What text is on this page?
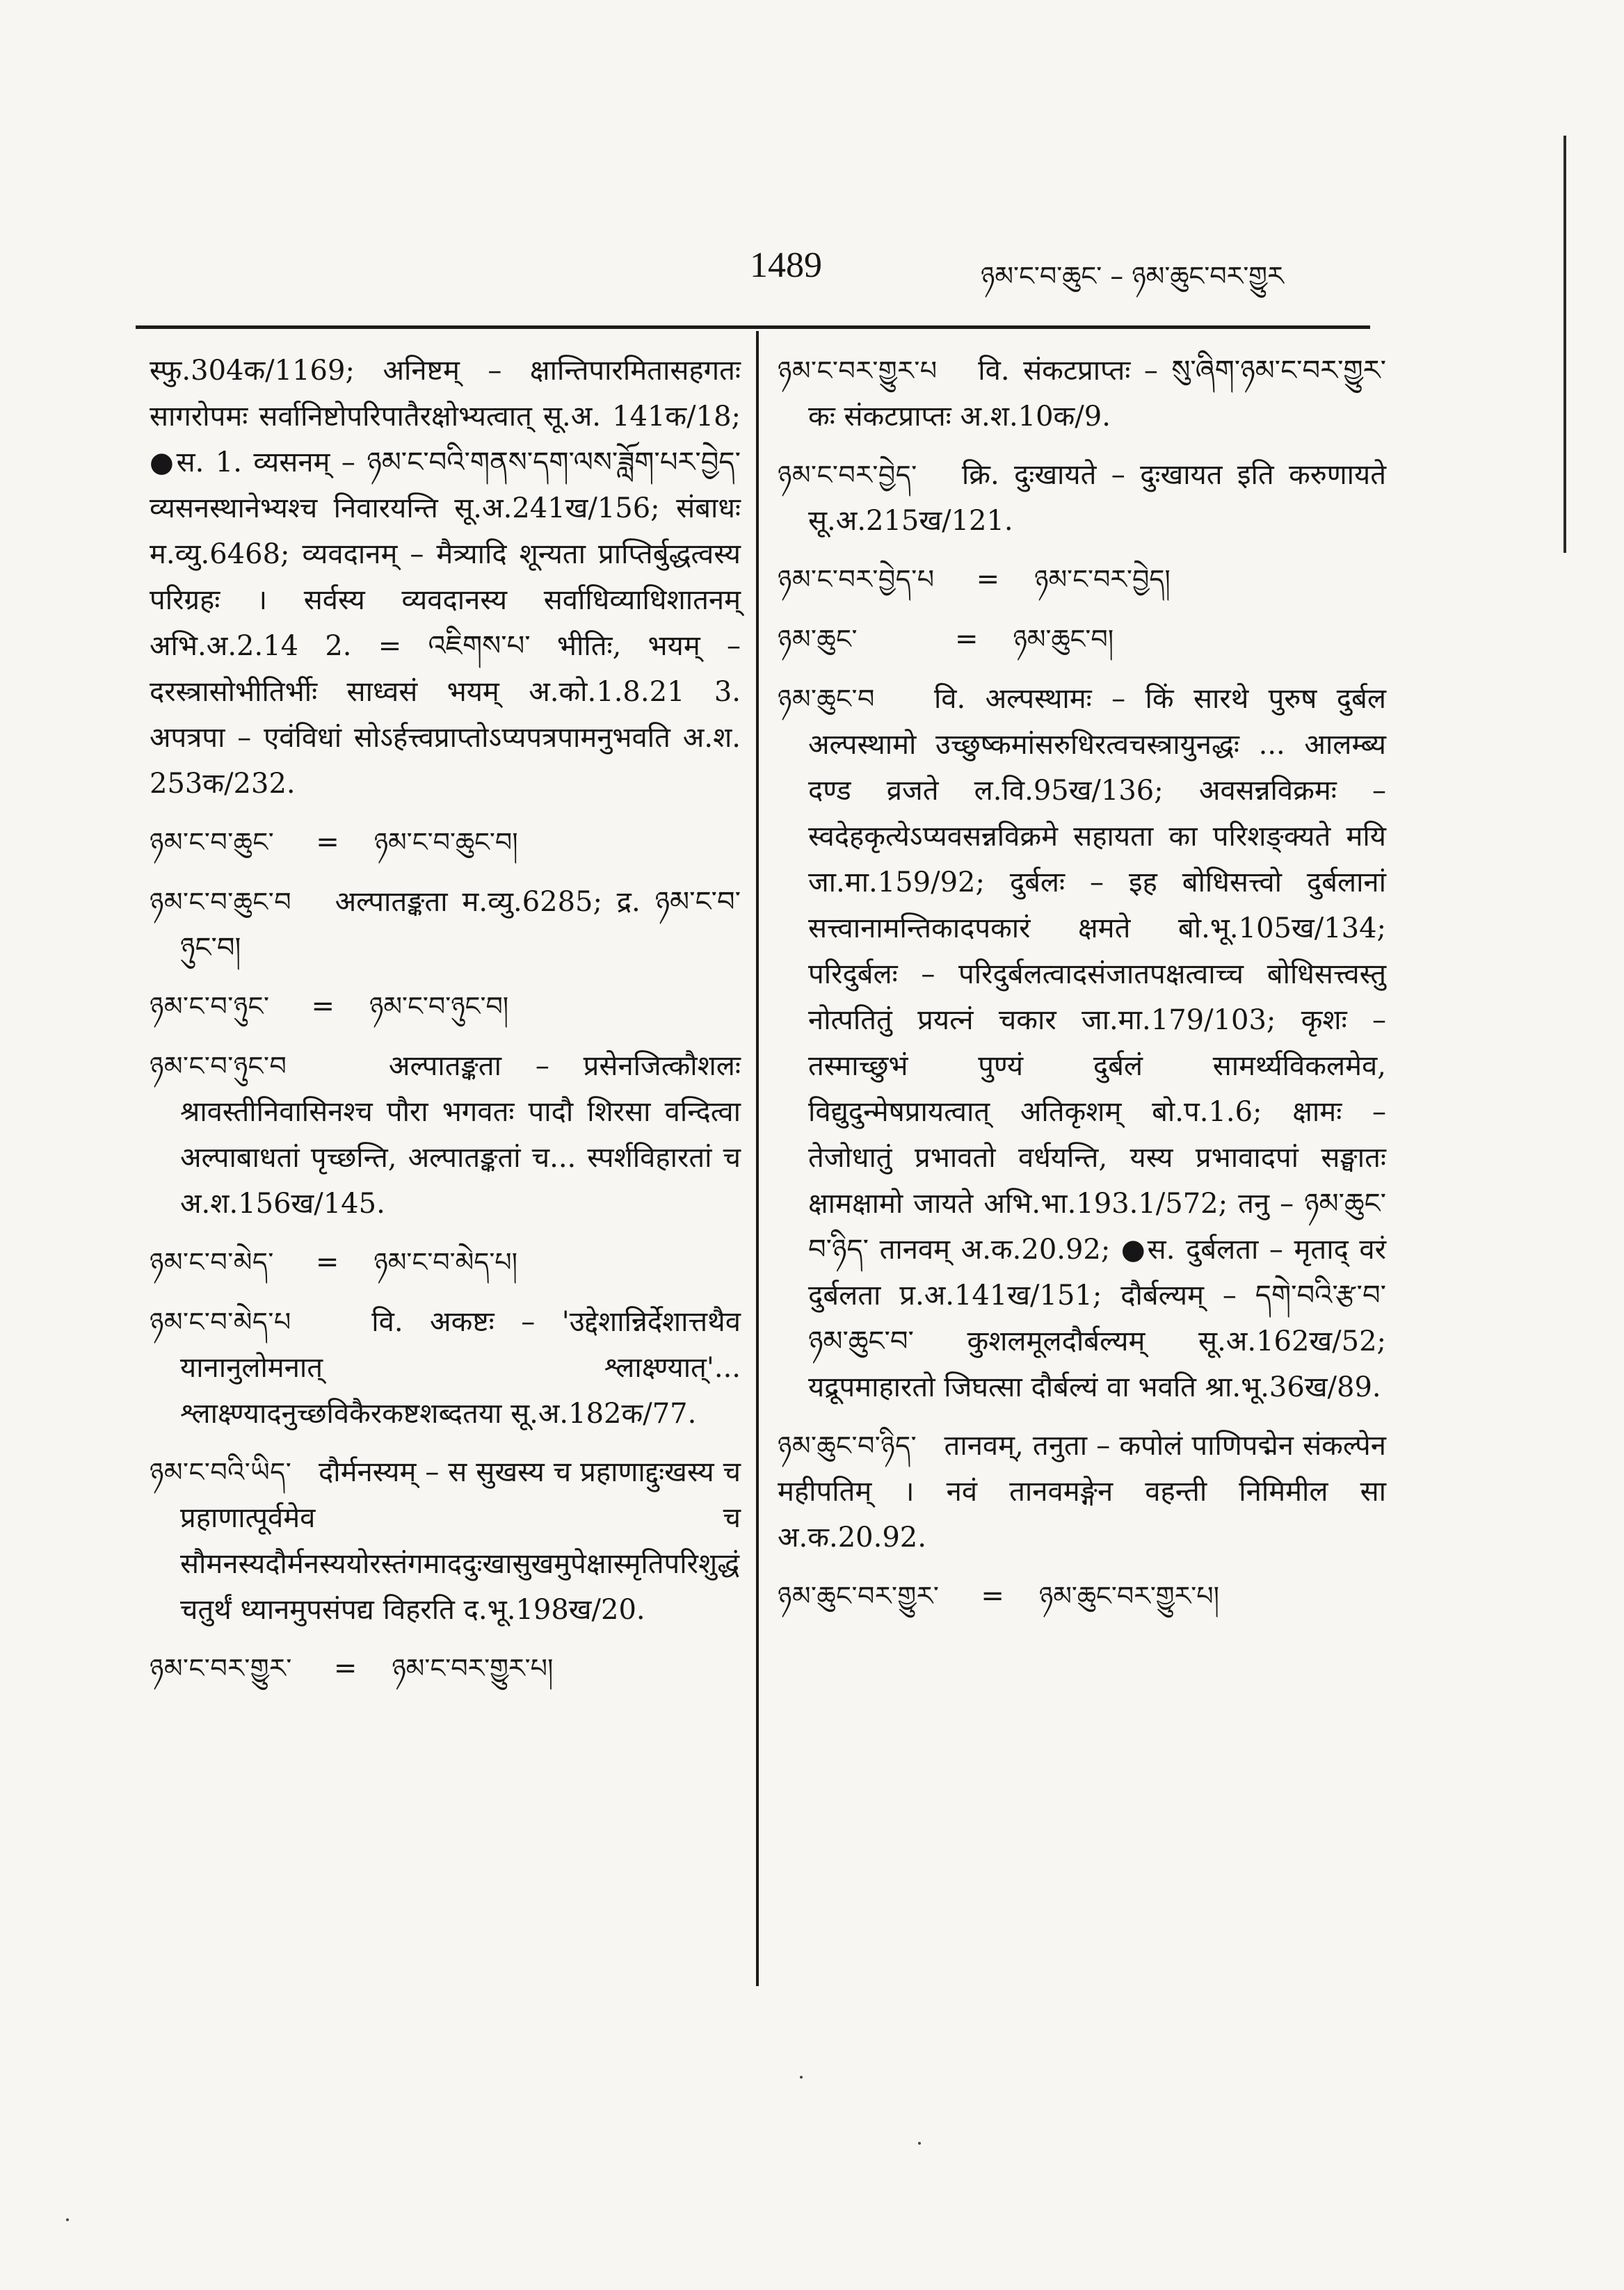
1489	ཉམ་ང་བ་ཆུང་ – ཉམ་ཆུང་བར་གྱུར

स्फु.304क/1169; अनिष्टम् – क्षान्तिपारमितासहगतः सागरोपमः सर्वानिष्टोपरिपातैरक्षोभ्यत्वात् सू.अ. 141क/18; ●स. 1. व्यसनम् – ཉམ་ང་བའི་གནས་དག་ལས་ཟློག་པར་བྱེད་ व्यसनस्थानेभ्यश्च निवारयन्ति सू.अ.241ख/156; संबाधः म.व्यु.6468; व्यवदानम् – मैत्र्यादि शून्यता प्राप्तिर्बुद्धत्वस्य परिग्रहः । सर्वस्य व्यवदानस्य सर्वाधिव्याधिशातनम् अभि.अ.2.14 2. = འཇིགས་པ་ भीतिः, भयम् – दरस्त्रासोभीतिर्भीः साध्वसं भयम् अ.को.1.8.21 3. अपत्रपा – एवंविधां सोऽर्हत्त्वप्राप्तोऽप्यपत्रपामनुभवति अ.श. 253क/232.

ཉམ་ང་བ་ཆུང་ = ཉམ་ང་བ་ཆུང་བ།

ཉམ་ང་བ་ཆུང་བ अल्पातङ्कता म.व्यु.6285; द्र. ཉམ་ང་བ་ཉུང་བ།

ཉམ་ང་བ་ཉུང་ = ཉམ་ང་བ་ཉུང་བ།

ཉམ་ང་བ་ཉུང་བ	अल्पातङ्कता – प्रसेनजित्कौशलः श्रावस्तीनिवासिनश्च पौरा भगवतः पादौ शिरसा वन्दित्वा अल्पाबाधतां पृच्छन्ति, अल्पातङ्कतां च... स्पर्शविहारतां च अ.श.156ख/145.

ཉམ་ང་བ་མེད་ = ཉམ་ང་བ་མེད་པ།

ཉམ་ང་བ་མེད་པ	वि. अकष्टः – 'उद्देशान्निर्देशात्तथैव यानानुलोमनात् श्लाक्ष्ण्यात्'... श्लाक्ष्ण्यादनुच्छविकैरकष्टशब्दतया सू.अ.182क/77.

ཉམ་ང་བའི་ཡིད་ दौर्मनस्यम् – स सुखस्य च प्रहाणाद्दुःखस्य च प्रहाणात्पूर्वमेव च सौमनस्यदौर्मनस्ययोरस्तंगमाददुःखासुखमुपेक्षास्मृतिपरिशुद्धं चतुर्थं ध्यानमुपसंपद्य विहरति द.भू.198ख/20.

ཉམ་ང་བར་གྱུར་ = ཉམ་ང་བར་གྱུར་པ།

ཉམ་ང་བར་གྱུར་པ वि. संकटप्राप्तः – སུ་ཞིག་ཉམ་ང་བར་གྱུར་ कः संकटप्राप्तः अ.श.10क/9.

ཉམ་ང་བར་བྱེད་ क्रि. दुःखायते – दुःखायत इति करुणायते सू.अ.215ख/121.

ཉམ་ང་བར་བྱེད་པ = ཉམ་ང་བར་བྱེད།
ཉམ་ཆུང་	= ཉམ་ཆུང་བ།

ཉམ་ཆུང་བ वि. अल्पस्थामः – किं सारथे पुरुष दुर्बल अल्पस्थामो उच्छुष्कमांसरुधिरत्वचस्त्रायुनद्धः ... आलम्ब्य दण्ड व्रजते ल.वि.95ख/136; अवसन्नविक्रमः – स्वदेहकृत्येऽप्यवसन्नविक्रमे सहायता का परिशङ्क्यते मयि जा.मा.159/92; दुर्बलः – इह बोधिसत्त्वो दुर्बलानां सत्त्वानामन्तिकादपकारं क्षमते बो.भू.105ख/134; परिदुर्बलः – परिदुर्बलत्वादसंजातपक्षत्वाच्च बोधिसत्त्वस्तु नोत्पतितुं प्रयत्नं चकार जा.मा.179/103; कृशः – तस्माच्छुभं पुण्यं दुर्बलं सामर्थ्यविकलमेव, विद्युदुन्मेषप्रायत्वात् अतिकृशम् बो.प.1.6; क्षामः – तेजोधातुं प्रभावतो वर्धयन्ति, यस्य प्रभावादपां सङ्घातः क्षामक्षामो जायते अभि.भा.193.1/572; तनु – ཉམ་ཆུང་བ་ཉིད་ तानवम् अ.क.20.92; ●स. दुर्बलता – मृताद् वरं दुर्बलता प्र.अ.141ख/151; दौर्बल्यम् – དགེ་བའི་རྩ་བ་ཉམ་ཆུང་བ་ कुशलमूलदौर्बल्यम् सू.अ.162ख/52; यद्रूपमाहारतो जिघत्सा दौर्बल्यं वा भवति श्रा.भू.36ख/89.

ཉམ་ཆུང་བ་ཉིད་ तानवम्, तनुता – कपोलं पाणिपद्मेन संकल्पेन महीपतिम् । नवं तानवमङ्गेन वहन्ती निमिमील सा अ.क.20.92.

ཉམ་ཆུང་བར་གྱུར་ = ཉམ་ཆུང་བར་གྱུར་པ།
